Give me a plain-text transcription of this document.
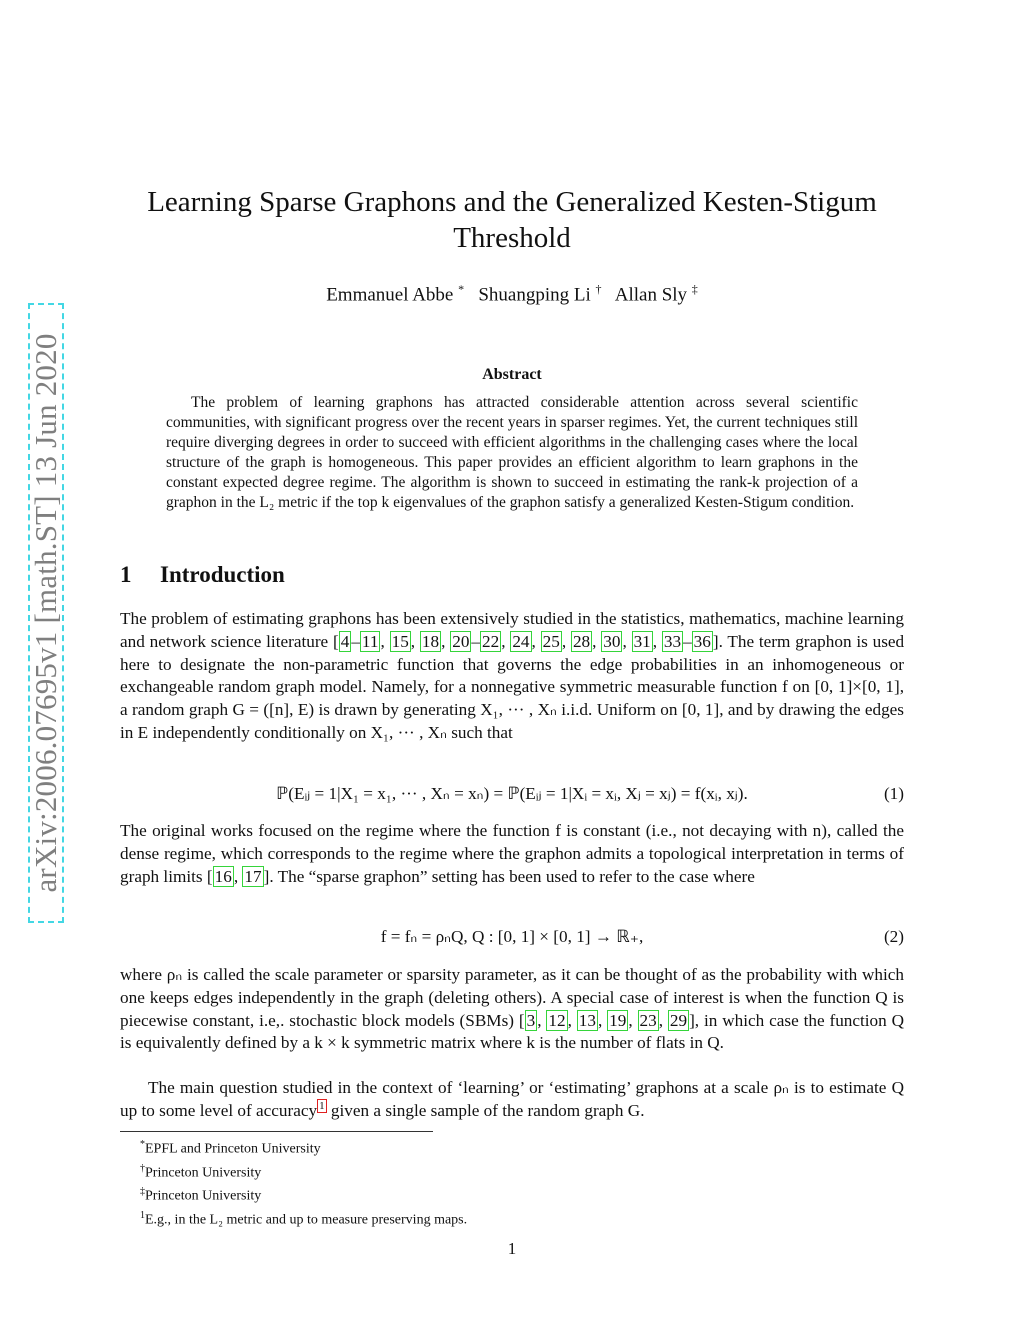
arXiv:2006.07695v1 [math.ST] 13 Jun 2020
Learning Sparse Graphons and the Generalized Kesten-Stigum Threshold
Emmanuel Abbe * Shuangping Li † Allan Sly ‡
Abstract
The problem of learning graphons has attracted considerable attention across several scientific communities, with significant progress over the recent years in sparser regimes. Yet, the current techniques still require diverging degrees in order to succeed with efficient algorithms in the challenging cases where the local structure of the graph is homogeneous. This paper provides an efficient algorithm to learn graphons in the constant expected degree regime. The algorithm is shown to succeed in estimating the rank-k projection of a graphon in the L₂ metric if the top k eigenvalues of the graphon satisfy a generalized Kesten-Stigum condition.
1 Introduction
The problem of estimating graphons has been extensively studied in the statistics, mathematics, machine learning and network science literature [ 4 – 11 , 15 , 18 , 20 – 22 , 24 , 25 , 28 , 30 , 31 , 33 – 36 ]. The term graphon is used here to designate the non-parametric function that governs the edge probabilities in an inhomogeneous or exchangeable random graph model. Namely, for a nonnegative symmetric measurable function f on [0, 1]×[0, 1], a random graph G = ([n], E) is drawn by generating X₁, ··· , Xₙ i.i.d. Uniform on [0, 1], and by drawing the edges in E independently conditionally on X₁, ··· , Xₙ such that
ℙ(Eᵢⱼ = 1|X₁ = x₁, ··· , Xₙ = xₙ) = ℙ(Eᵢⱼ = 1|Xᵢ = xᵢ, Xⱼ = xⱼ) = f(xᵢ, xⱼ).	(1)
The original works focused on the regime where the function f is constant (i.e., not decaying with n), called the dense regime, which corresponds to the regime where the graphon admits a topological interpretation in terms of graph limits [ 16 , 17 ]. The “sparse graphon” setting has been used to refer to the case where
f = fₙ = ρₙQ, Q : [0, 1] × [0, 1] → ℝ₊,	(2)
where ρₙ is called the scale parameter or sparsity parameter, as it can be thought of as the probability with which one keeps edges independently in the graph (deleting others). A special case of interest is when the function Q is piecewise constant, i.e,. stochastic block models (SBMs) [ 3 , 12 , 13 , 19 , 23 , 29 ], in which case the function Q is equivalently defined by a k × k symmetric matrix where k is the number of flats in Q.
The main question studied in the context of ‘learning’ or ‘estimating’ graphons at a scale ρₙ is to estimate Q up to some level of accuracy $^1$ given a single sample of the random graph G.
*EPFL and Princeton University
†Princeton University
‡Princeton University
$^1$E.g., in the L₂ metric and up to measure preserving maps.
1
